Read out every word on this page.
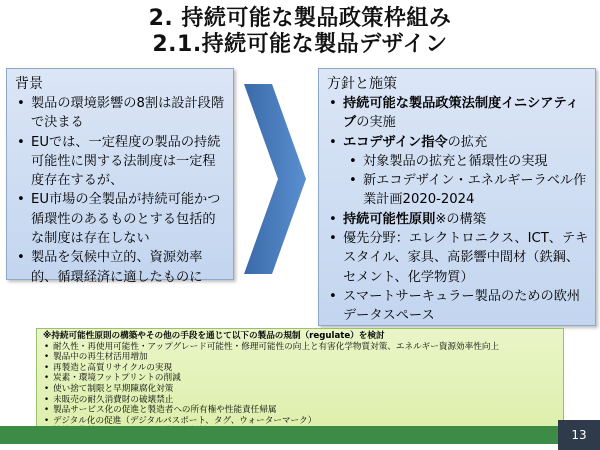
2. 持続可能な製品政策枠組み
2.1.持続可能な製品デザイン
背景
• 製品の環境影響の8割は設計段階で決まる
• EUでは、一定程度の製品の持続可能性に関する法制度は一定程度存在するが、
• EU市場の全製品が持続可能かつ循環性のあるものとする包括的な制度は存在しない
• 製品を気候中立的、資源効率的、循環経済に適したものに
方針と施策
• 持続可能な製品政策法制度イニシアティブの実施
• エコデザイン指令の拡充
• 対象製品の拡充と循環性の実現
• 新エコデザイン・エネルギーラベル作業計画2020-2024
• 持続可能性原則※の構築
• 優先分野：エレクトロニクス、ICT、テキスタイル、家具、高影響中間材（鉄鋼、セメント、化学物質）
• スマートサーキュラー製品のための欧州データスペース
※持続可能性原則の構築やその他の手段を通じて以下の製品の規制（regulate）を検討
• 耐久性・再使用可能性・アップグレード可能性・修理可能性の向上と有害化学物質対策、エネルギー資源効率性向上
• 製品中の再生材活用増加
• 再製造と高質リサイクルの実現
• 炭素・環境フットプリントの削減
• 使い捨て制限と早期陳腐化対策
• 未販売の耐久消費財の破壊禁止
• 製品サービス化の促進と製造者への所有権や性能責任帰属
• デジタル化の促進（デジタルパスポート、タグ、ウォーターマーク）
•
13
